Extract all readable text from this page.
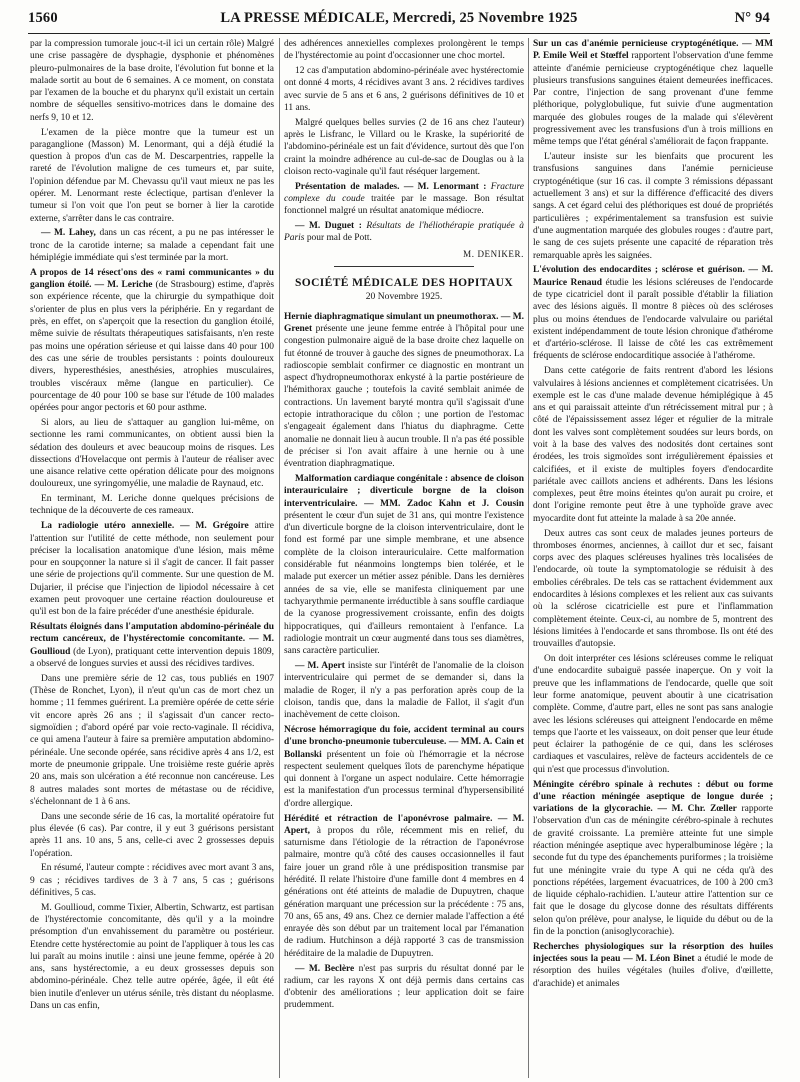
1560	LA PRESSE MÉDICALE, Mercredi, 25 Novembre 1925	N° 94

par la compression tumorale jouc-t-il ici un certain rôle) Malgré une crise passagère de dysphagie, dysphonie et phénomènes pleuro-pulmonaires de la base droite, l'évolution fut bonne et la malade sortit au bout de 6 semaines. A ce moment, on constata par l'examen de la bouche et du pharynx qu'il existait un certain nombre de séquelles sensitivo-motrices dans le domaine des nerfs 9, 10 et 12.

L'examen de la pièce montre que la tumeur est un paraganglione (Masson) M. Lenormant, qui a déjà étudié la question à propos d'un cas de M. Descarpentries, rappelle la rareté de l'évolution maligne de ces tumeurs et, par suite, l'opinion défendue par M. Chevassu qu'il vaut mieux ne pas les opérer. M. Lenormant reste éclectique, partisan d'enlever la tumeur si l'on voit que l'on peut se borner à lier la carotide externe, s'arrêter dans le cas contraire.

— M. Lahey, dans un cas récent, a pu ne pas intéresser le tronc de la carotide interne; sa malade a cependant fait une hémiplégie immédiate qui s'est terminée par la mort.

A propos de 14 résect'ons des « rami communicantes » du ganglion étoilé. — M. Leriche (de Strasbourg) estime, d'après son expérience récente, que la chirurgie du sympathique doit s'orienter de plus en plus vers la périphérie. En y regardant de près, en effet, on s'aperçoit que la resection du ganglion étoilé, même suivie de résultats thérapeutiques satisfaisants, n'en reste pas moins une opération sérieuse et qui laisse dans 40 pour 100 des cas une série de troubles persistants : points douloureux divers, hyperesthésies, anesthésies, atrophies musculaires, troubles viscéraux même (langue en particulier). Ce pourcentage de 40 pour 100 se base sur l'étude de 100 malades opérées pour angor pectoris et 60 pour asthme.

Si alors, au lieu de s'attaquer au ganglion lui-même, on sectionne les rami communicantes, on obtient aussi bien la sédation des douleurs et avec beaucoup moins de risques. Les dissections d'Hovelacque ont permis à l'auteur de réaliser avec une aisance relative cette opération délicate pour des moignons douloureux, une syringomyélie, une maladie de Raynaud, etc.

En terminant, M. Leriche donne quelques précisions de technique de la découverte de ces rameaux.

La radiologie utéro annexielle. — M. Grégoire attire l'attention sur l'utilité de cette méthode, non seulement pour préciser la localisation anatomique d'une lésion, mais même pour en soupçonner la nature si il s'agit de cancer. Il fait passer une série de projections qu'il commente. Sur une question de M. Dujarier, il précise que l'injection de lipiodol nécessaire à cet examen peut provoquer une certaine réaction douloureuse et qu'il est bon de la faire précéder d'une anesthésie épidurale.

Résultats éloignés dans l'amputation abdomino-périnéale du rectum cancéreux, de l'hystérectomie concomitante. — M. Goullioud (de Lyon), pratiquant cette intervention depuis 1809, a observé de longues survies et aussi des récidives tardives.

Dans une première série de 12 cas, tous publiés en 1907 (Thèse de Ronchet, Lyon), il n'eut qu'un cas de mort chez un homme ; 11 femmes guérirent. La première opérée de cette série vit encore après 26 ans ; il s'agissait d'un cancer recto-sigmoïdien ; d'abord opéré par voie recto-vaginale. Il récidiva, ce qui amena l'auteur à faire sa première amputation abdomino-périnéale. Une seconde opérée, sans récidive après 4 ans 1/2, est morte de pneumonie grippale. Une troisième reste guérie après 20 ans, mais son ulcération a été reconnue non cancéreuse. Les 8 autres malades sont mortes de métastase ou de récidive, s'échelonnant de 1 à 6 ans.

Dans une seconde série de 16 cas, la mortalité opératoire fut plus élevée (6 cas). Par contre, il y eut 3 guérisons persistant après 11 ans. 10 ans, 5 ans, celle-ci avec 2 grossesses depuis l'opération.

En résumé, l'auteur compte : récidives avec mort avant 3 ans, 9 cas ; récidives tardives de 3 à 7 ans, 5 cas ; guérisons définitives, 5 cas.

M. Goullioud, comme Tixier, Albertin, Schwartz, est partisan de l'hystérectomie concomitante, dès qu'il y a la moindre présomption d'un envahissement du paramètre ou postérieur. Etendre cette hystérectomie au point de l'appliquer à tous les cas lui paraît au moins inutile : ainsi une jeune femme, opérée à 20 ans, sans hystérectomie, a eu deux grossesses depuis son abdomino-périnéale. Chez telle autre opérée, âgée, il eût été bien inutile d'enlever un utérus sénile, très distant du néoplasme. Dans un cas enfin,

des adhérences annexielles complexes prolongèrent le temps de l'hystérectomie au point d'occasionner une choc mortel.

12 cas d'amputation abdomino-périnéale avec hystérectomie ont donné 4 morts, 4 récidives avant 3 ans. 2 récidives tardives avec survie de 5 ans et 6 ans, 2 guérisons définitives de 10 et 11 ans.

Malgré quelques belles survies (2 de 16 ans chez l'auteur) après le Lisfranc, le Villard ou le Kraske, la supériorité de l'abdomino-périnéale est un fait d'évidence, surtout dès que l'on craint la moindre adhérence au cul-de-sac de Douglas ou à la cloison recto-vaginale qu'il faut réséquer largement.

Présentation de malades. — M. Lenormant : Fracture complexe du coude traitée par le massage. Bon résultat fonctionnel malgré un résultat anatomique médiocre.

— M. Duguet : Résultats de l'héliothérapie pratiquée à Paris pour mal de Pott.

M. DENIKER.
SOCIÉTÉ MÉDICALE DES HOPITAUX
20 Novembre 1925.

Hernie diaphragmatique simulant un pneumothorax. — M. Grenet présente une jeune femme entrée à l'hôpital pour une congestion pulmonaire aiguë de la base droite chez laquelle on fut étonné de trouver à gauche des signes de pneumothorax. La radioscopie semblait confirmer ce diagnostic en montrant un aspect d'hydropneumothorax enkysté à la partie postérieure de l'hémithorax gauche ; toutefois la cavité semblait animée de contractions. Un lavement baryté montra qu'il s'agissait d'une ectopie intrathoracique du côlon ; une portion de l'estomac s'engageait également dans l'hiatus du diaphragme. Cette anomalie ne donnait lieu à aucun trouble. Il n'a pas été possible de préciser si l'on avait affaire à une hernie ou à une éventration diaphragmatique.

Malformation cardiaque congénitale : absence de cloison interauriculaire ; diverticule borgne de la cloison interventriculaire. — MM. Zadoc Kahn et J. Cousin présentent le cœur d'un sujet de 31 ans, qui montre l'existence d'un diverticule borgne de la cloison interventriculaire, dont le fond est formé par une simple membrane, et une absence complète de la cloison interauriculaire. Cette malformation considérable fut néanmoins longtemps bien tolérée, et le malade put exercer un métier assez pénible. Dans les dernières années de sa vie, elle se manifesta cliniquement par une tachyarythmie permanente irréductible à sans souffle cardiaque de la cyanose progressivement croissante, enfin des doigts hippocratiques, qui d'ailleurs remontaient à l'enfance. La radiologie montrait un cœur augmenté dans tous ses diamètres, sans caractère particulier.

— M. Apert insiste sur l'intérêt de l'anomalie de la cloison interventriculaire qui permet de se demander si, dans la maladie de Roger, il n'y a pas perforation après coup de la cloison, tandis que, dans la maladie de Fallot, il s'agit d'un inachèvement de cette cloison.

Nécrose hémorragique du foie, accident terminal au cours d'une broncho-pneumonie tuberculeuse. — MM. A. Cain et Bollanski présentent un foie où l'hémorragie et la nécrose respectent seulement quelques îlots de parenchyme hépatique qui donnent à l'organe un aspect nodulaire. Cette hémorragie est la manifestation d'un processus terminal d'hypersensibilité d'ordre allergique.

Hérédité et rétraction de l'aponévrose palmaire. — M. Apert, à propos du rôle, récemment mis en relief, du saturnisme dans l'étiologie de la rétraction de l'aponévrose palmaire, montre qu'à côté des causes occasionnelles il faut faire jouer un grand rôle à une prédisposition transmise par hérédité. Il relate l'histoire d'une famille dont 4 membres en 4 générations ont été atteints de maladie de Dupuytren, chaque génération marquant une précession sur la précédente : 75 ans, 70 ans, 65 ans, 49 ans. Chez ce dernier malade l'affection a été enrayée dès son début par un traitement local par l'émanation de radium. Hutchinson a déjà rapporté 3 cas de transmission héréditaire de la maladie de Dupuytren.

— M. Beclère n'est pas surpris du résultat donné par le radium, car les rayons X ont déjà permis dans certains cas d'obtenir des améliorations ; leur application doit se faire prudemment.

Sur un cas d'anémie pernicieuse cryptogénétique. — MM P. Emile Weil et Stœffel rapportent l'observation d'une femme atteinte d'anémie pernicieuse cryptogénétique chez laquelle plusieurs transfusions sanguines étaient demeurées inefficaces. Par contre, l'injection de sang provenant d'une femme pléthorique, polyglobulique, fut suivie d'une augmentation marquée des globules rouges de la malade qui s'élevèrent progressivement avec les transfusions d'un à trois millions en même temps que l'état général s'améliorait de façon frappante.

L'auteur insiste sur les bienfaits que procurent les transfusions sanguines dans l'anémie pernicieuse cryptogénétique (sur 16 cas. il compte 3 rémissions dépassant actuellement 3 ans) et sur la différence d'efficacité des divers sangs. A cet égard celui des pléthoriques est doué de propriétés particulières ; expérimentalement sa transfusion est suivie d'une augmentation marquée des globules rouges : d'autre part, le sang de ces sujets présente une capacité de réparation très remarquable après les saignées.

L'évolution des endocardites ; sclérose et guérison. — M. Maurice Renaud étudie les lésions scléreuses de l'endocarde de type cicatriciel dont il paraît possible d'établir la filiation avec des lésions aiguës. Il montre 8 pièces où des scléroses plus ou moins étendues de l'endocarde valvulaire ou pariétal existent indépendamment de toute lésion chronique d'athérome et d'artério-sclérose. Il laisse de côté les cas extrêmement fréquents de sclérose endocarditique associée à l'athérome.

Dans cette catégorie de faits rentrent d'abord les lésions valvulaires à lésions anciennes et complètement cicatrisées. Un exemple est le cas d'une malade devenue hémiplégique à 45 ans et qui paraissait atteinte d'un rétrécissement mitral pur ; à côté de l'épaississement assez léger et régulier de la mitrale dont les valves sont complètement soudées sur leurs bords, on voit à la base des valves des nodosités dont certaines sont érodées, les trois sigmoïdes sont irrégulièrement épaissies et calcifiées, et il existe de multiples foyers d'endocardite pariétale avec caillots anciens et adhérents. Dans les lésions complexes, peut être moins éteintes qu'on aurait pu croire, et dont l'origine remonte peut être à une typhoïde grave avec myocardite dont fut atteinte la malade à sa 20e année.

Deux autres cas sont ceux de malades jeunes porteurs de thromboses énormes, anciennes, à caillot dur et sec, faisant corps avec des plaques scléreuses hyalines très localisées de l'endocarde, où toute la symptomatologie se réduisit à des embolies cérébrales. De tels cas se rattachent évidemment aux endocardites à lésions complexes et les relient aux cas suivants où la sclérose cicatricielle est pure et l'inflammation complètement éteinte. Ceux-ci, au nombre de 5, montrent des lésions limitées à l'endocarde et sans thrombose. Ils ont été des trouvailles d'autopsie.

On doit interpréter ces lésions scléreuses comme le reliquat d'une endocardite subaiguë passée inaperçue. On y voit la preuve que les inflammations de l'endocarde, quelle que soit leur forme anatomique, peuvent aboutir à une cicatrisation complète. Comme, d'autre part, elles ne sont pas sans analogie avec les lésions scléreuses qui atteignent l'endocarde en même temps que l'aorte et les vaisseaux, on doit penser que leur étude peut éclairer la pathogénie de ce qui, dans les scléroses cardiaques et vasculaires, relève de facteurs accidentels de ce qui n'est que processus d'involution.

Méningite cérébro spinale à rechutes : début ou forme d'une réaction méningée aseptique de longue durée ; variations de la glycorachie. — M. Chr. Zœller rapporte l'observation d'un cas de méningite cérébro-spinale à rechutes de gravité croissante. La première atteinte fut une simple réaction méningée aseptique avec hyperalbuminose légère ; la seconde fut du type des épanchements puriformes ; la troisième fut une méningite vraie du type A qui ne céda qu'à des ponctions répétées, largement évacuatrices, de 100 à 200 cm3 de liquide céphalo-rachidien. L'auteur attire l'attention sur ce fait que le dosage du glycose donne des résultats différents selon qu'on prélève, pour analyse, le liquide du début ou de la fin de la ponction (anisoglycorachie).

Recherches physiologiques sur la résorption des huiles injectées sous la peau — M. Léon Binet a étudié le mode de résorption des huiles végétales (huiles d'olive, d'œillette, d'arachide) et animales
